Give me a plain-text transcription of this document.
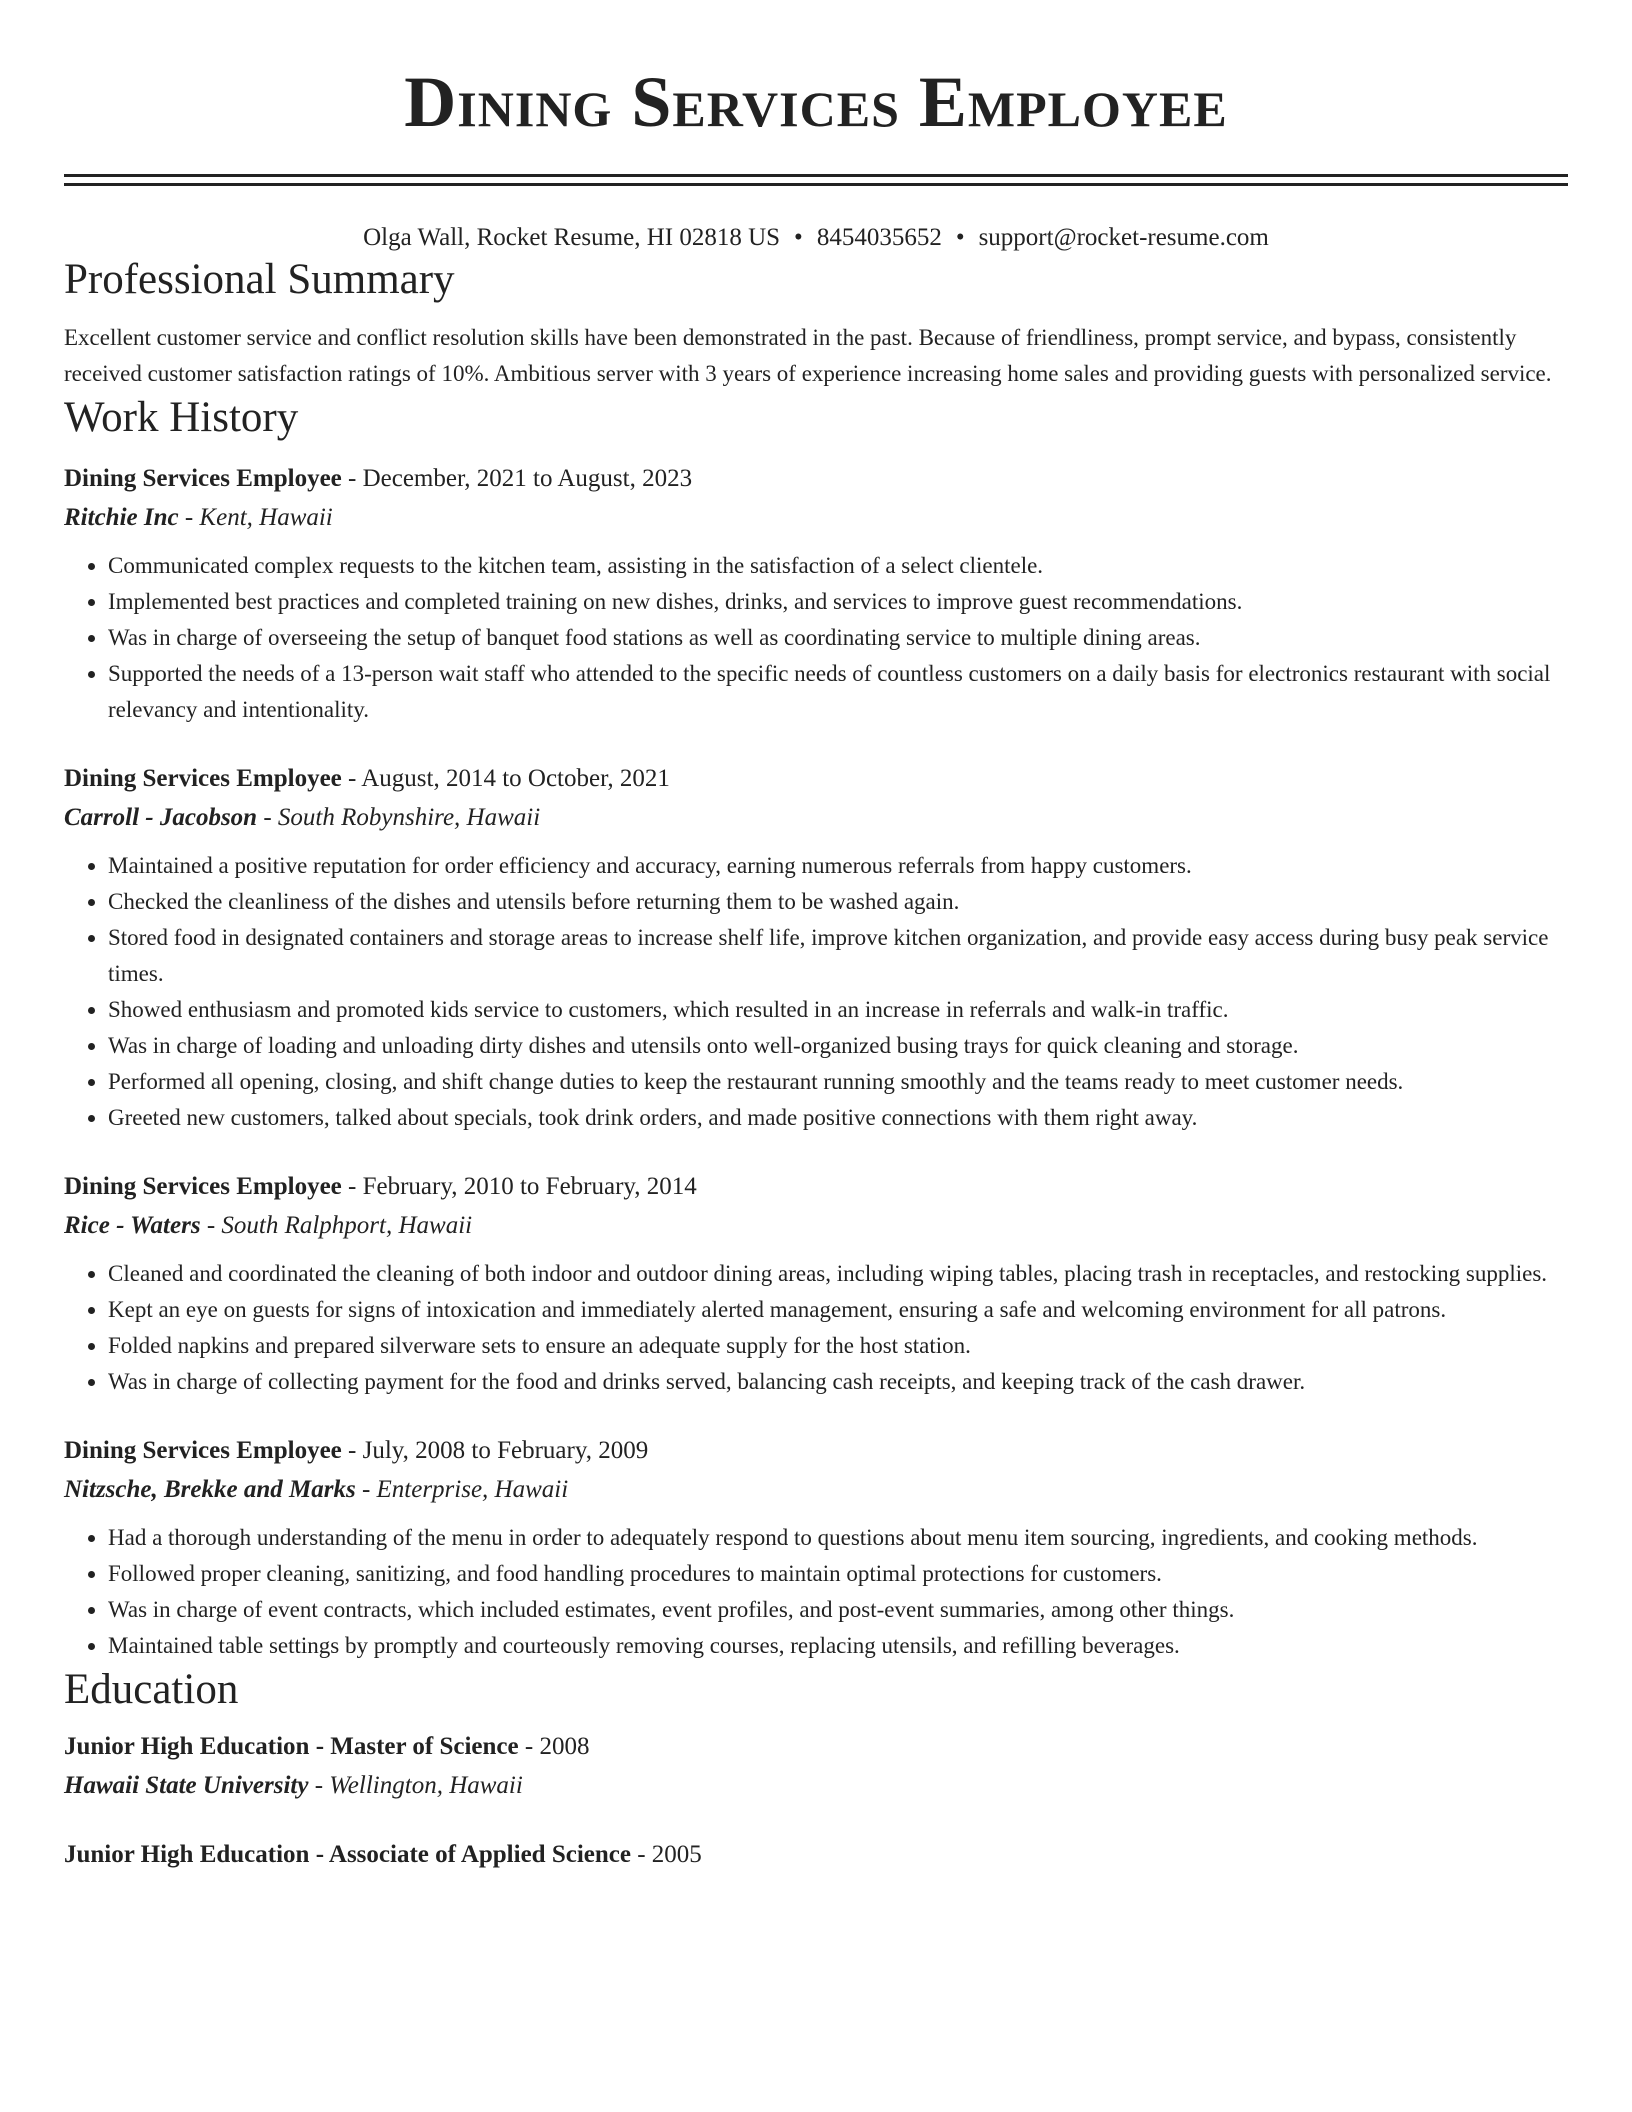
Dining Services Employee
Olga Wall, Rocket Resume, HI 02818 US • 8454035652 • support@rocket-resume.com
Professional Summary
Excellent customer service and conflict resolution skills have been demonstrated in the past. Because of friendliness, prompt service, and bypass, consistently received customer satisfaction ratings of 10%. Ambitious server with 3 years of experience increasing home sales and providing guests with personalized service.
Work History
Dining Services Employee - December, 2021 to August, 2023
Ritchie Inc - Kent, Hawaii
• Communicated complex requests to the kitchen team, assisting in the satisfaction of a select clientele.
• Implemented best practices and completed training on new dishes, drinks, and services to improve guest recommendations.
• Was in charge of overseeing the setup of banquet food stations as well as coordinating service to multiple dining areas.
• Supported the needs of a 13-person wait staff who attended to the specific needs of countless customers on a daily basis for electronics restaurant with social relevancy and intentionality.
Dining Services Employee - August, 2014 to October, 2021
Carroll - Jacobson - South Robynshire, Hawaii
• Maintained a positive reputation for order efficiency and accuracy, earning numerous referrals from happy customers.
• Checked the cleanliness of the dishes and utensils before returning them to be washed again.
• Stored food in designated containers and storage areas to increase shelf life, improve kitchen organization, and provide easy access during busy peak service times.
• Showed enthusiasm and promoted kids service to customers, which resulted in an increase in referrals and walk-in traffic.
• Was in charge of loading and unloading dirty dishes and utensils onto well-organized busing trays for quick cleaning and storage.
• Performed all opening, closing, and shift change duties to keep the restaurant running smoothly and the teams ready to meet customer needs.
• Greeted new customers, talked about specials, took drink orders, and made positive connections with them right away.
Dining Services Employee - February, 2010 to February, 2014
Rice - Waters - South Ralphport, Hawaii
• Cleaned and coordinated the cleaning of both indoor and outdoor dining areas, including wiping tables, placing trash in receptacles, and restocking supplies.
• Kept an eye on guests for signs of intoxication and immediately alerted management, ensuring a safe and welcoming environment for all patrons.
• Folded napkins and prepared silverware sets to ensure an adequate supply for the host station.
• Was in charge of collecting payment for the food and drinks served, balancing cash receipts, and keeping track of the cash drawer.
Dining Services Employee - July, 2008 to February, 2009
Nitzsche, Brekke and Marks - Enterprise, Hawaii
• Had a thorough understanding of the menu in order to adequately respond to questions about menu item sourcing, ingredients, and cooking methods.
• Followed proper cleaning, sanitizing, and food handling procedures to maintain optimal protections for customers.
• Was in charge of event contracts, which included estimates, event profiles, and post-event summaries, among other things.
• Maintained table settings by promptly and courteously removing courses, replacing utensils, and refilling beverages.
Education
Junior High Education - Master of Science - 2008
Hawaii State University - Wellington, Hawaii
Junior High Education - Associate of Applied Science - 2005
